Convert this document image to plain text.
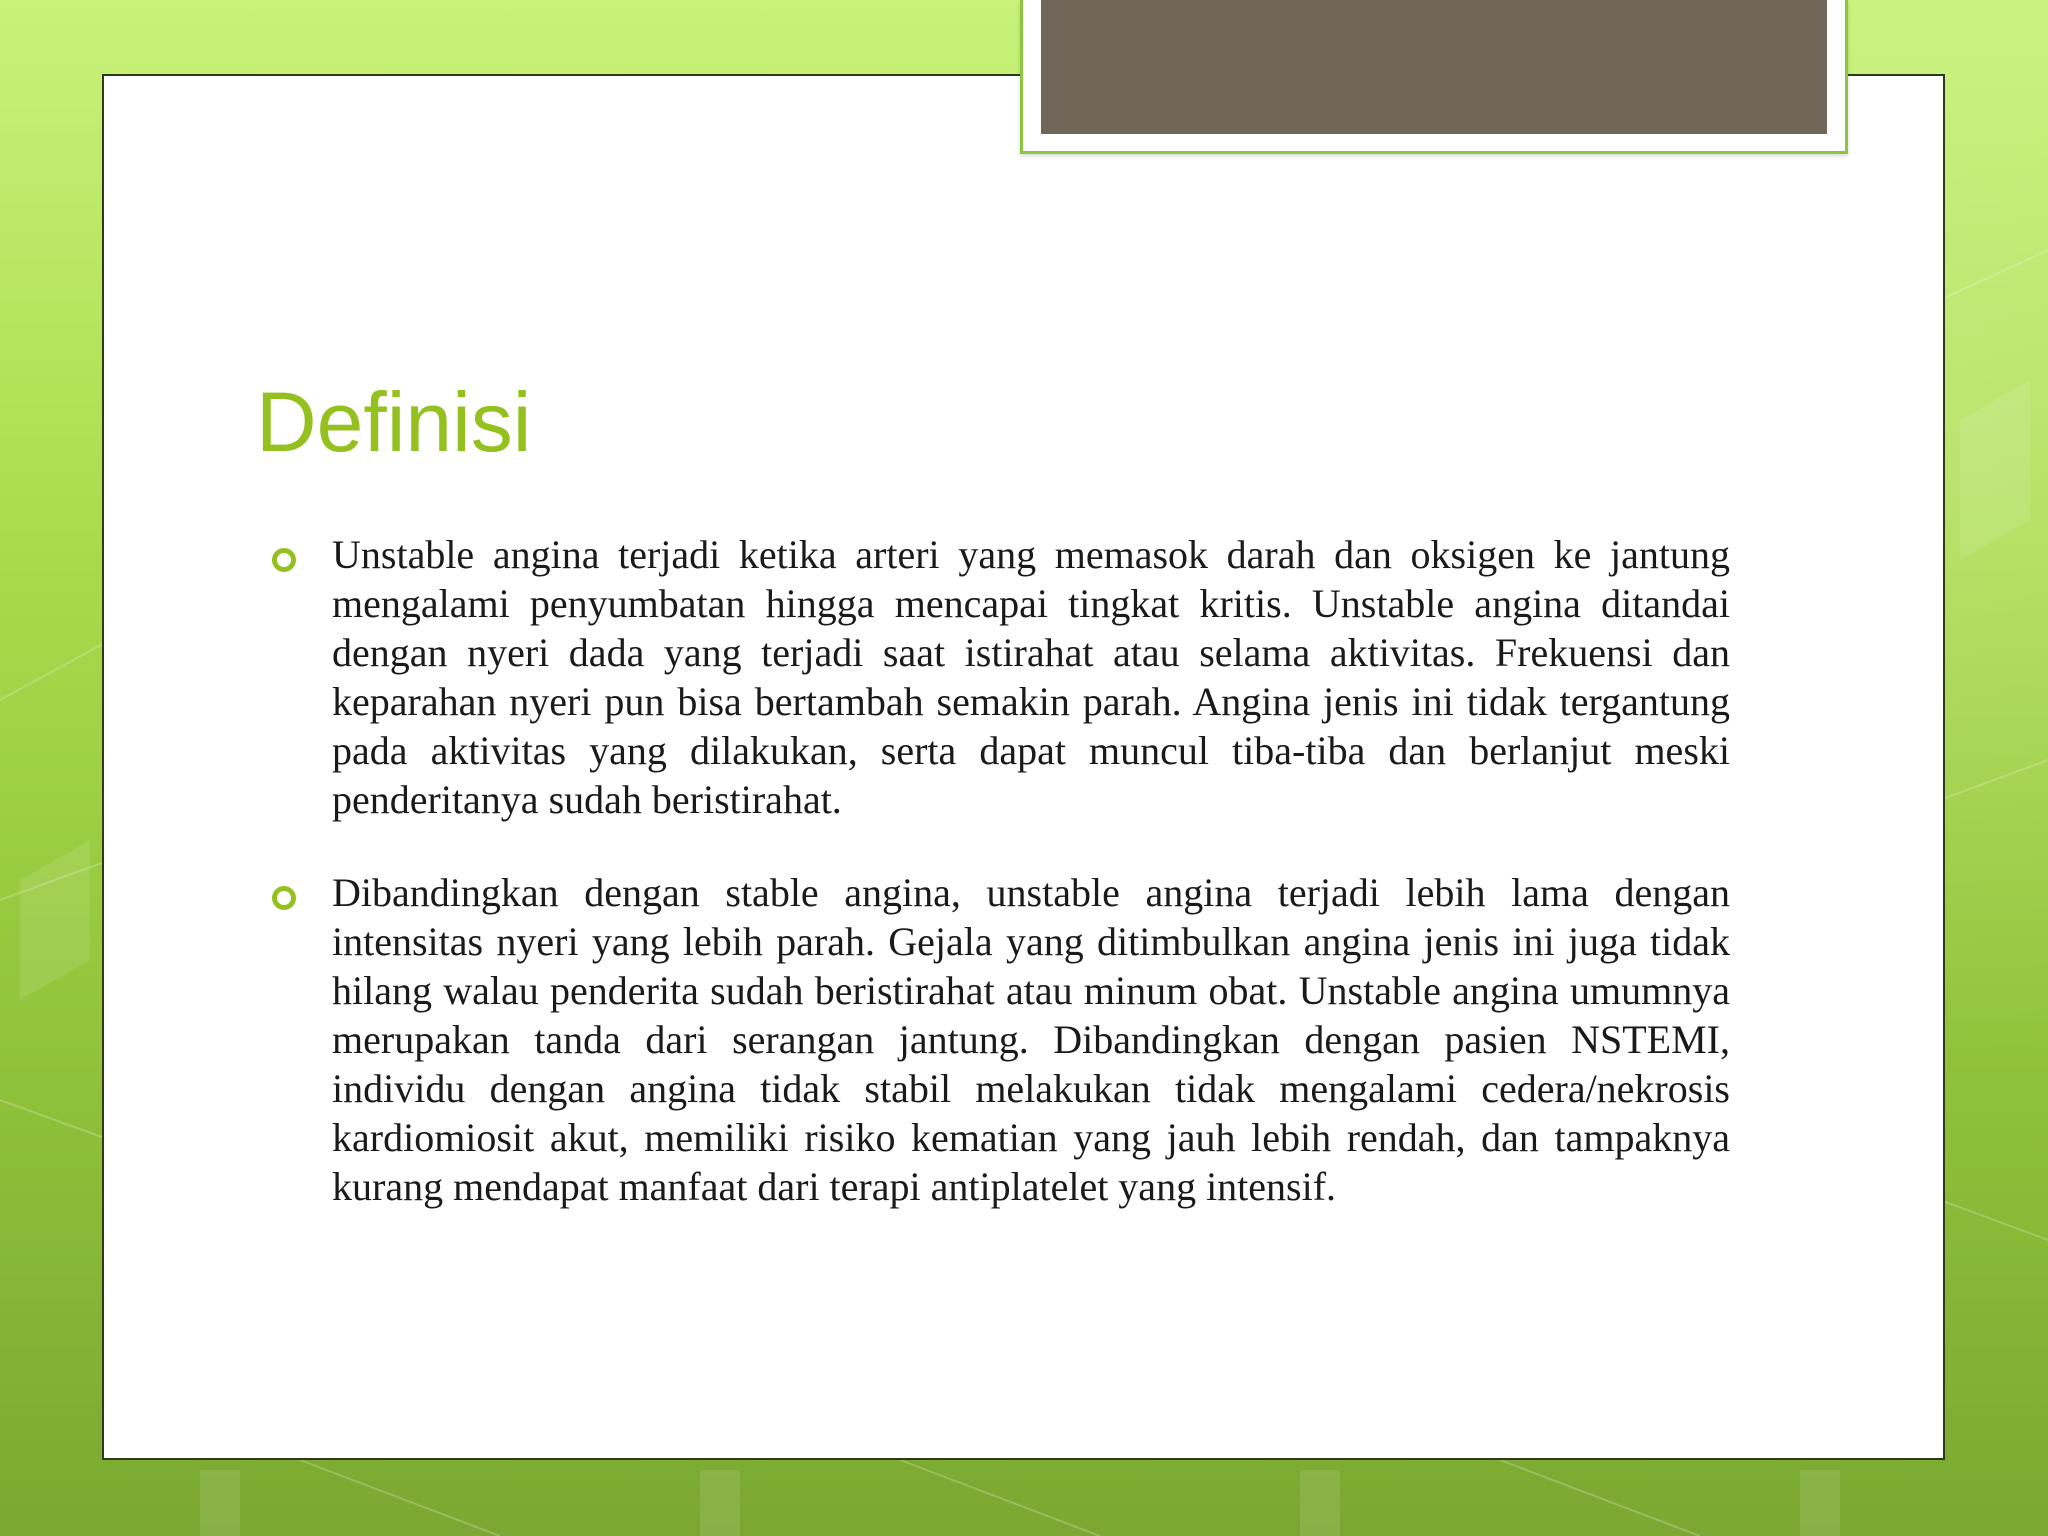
Definisi
Unstable angina terjadi ketika arteri yang memasok darah dan oksigen ke jantung mengalami penyumbatan hingga mencapai tingkat kritis. Unstable angina ditandai dengan nyeri dada yang terjadi saat istirahat atau selama aktivitas. Frekuensi dan keparahan nyeri pun bisa bertambah semakin parah. Angina jenis ini tidak tergantung pada aktivitas yang dilakukan, serta dapat muncul tiba-tiba dan berlanjut meski penderitanya sudah beristirahat.
Dibandingkan dengan stable angina, unstable angina terjadi lebih lama dengan intensitas nyeri yang lebih parah. Gejala yang ditimbulkan angina jenis ini juga tidak hilang walau penderita sudah beristirahat atau minum obat. Unstable angina umumnya merupakan tanda dari serangan jantung. Dibandingkan dengan pasien NSTEMI, individu dengan angina tidak stabil melakukan tidak mengalami cedera/nekrosis kardiomiosit akut, memiliki risiko kematian yang jauh lebih rendah, dan tampaknya kurang mendapat manfaat dari terapi antiplatelet yang intensif.
